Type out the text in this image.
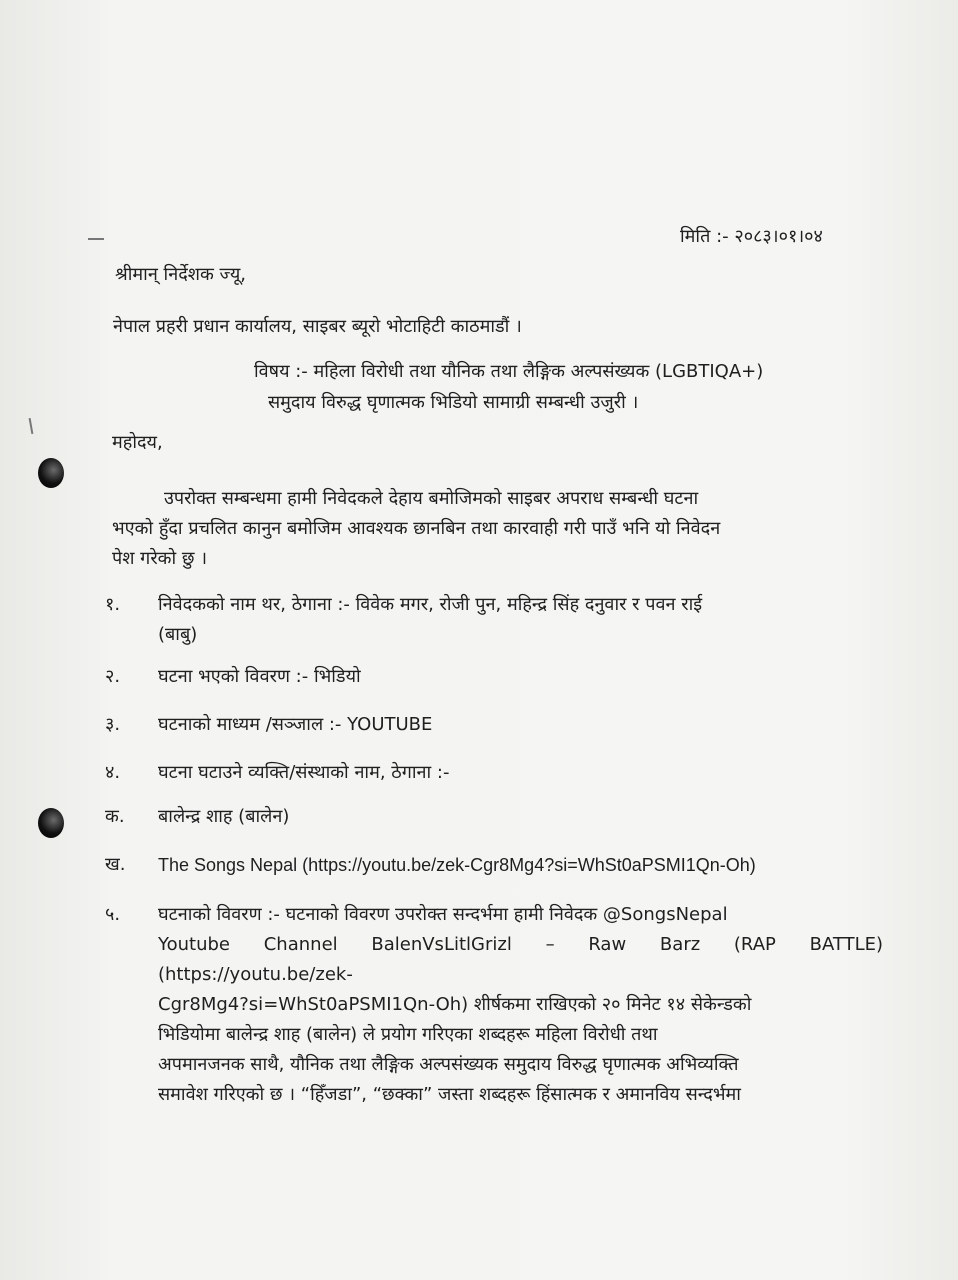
मिति :- २०८३।०१।०४
श्रीमान् निर्देशक ज्यू,
नेपाल प्रहरी प्रधान कार्यालय, साइबर ब्यूरो भोटाहिटी काठमाडौं ।
विषय :- महिला विरोधी तथा यौनिक तथा लैङ्गिक अल्पसंख्यक (LGBTIQA+)
समुदाय विरुद्ध घृणात्मक भिडियो सामाग्री सम्बन्धी उजुरी ।
महोदय,
उपरोक्त सम्बन्धमा हामी निवेदकले देहाय बमोजिमको साइबर अपराध सम्बन्धी घटना
भएको हुँदा प्रचलित कानुन बमोजिम आवश्यक छानबिन तथा कारवाही गरी पाउँ भनि यो निवेदन
पेश गरेको छु ।
१.	निवेदकको नाम थर, ठेगाना :- विवेक मगर, रोजी पुन, महिन्द्र सिंह दनुवार र पवन राई
(बाबु)
२.	घटना भएको विवरण :- भिडियो
३.	घटनाको माध्यम /सञ्जाल :- YOUTUBE
४.	घटना घटाउने व्यक्ति/संस्थाको नाम, ठेगाना :-
क.	बालेन्द्र शाह (बालेन)
ख.	The Songs Nepal (https://youtu.be/zek-Cgr8Mg4?si=WhSt0aPSMI1Qn-Oh)
५.	घटनाको विवरण :- घटनाको विवरण उपरोक्त सन्दर्भमा हामी निवेदक @SongsNepal
Youtube Channel BalenVsLitlGrizl – Raw Barz (RAP BATTLE) (https://youtu.be/zek-
Cgr8Mg4?si=WhSt0aPSMI1Qn-Oh) शीर्षकमा राखिएको २० मिनेट १४ सेकेन्डको
भिडियोमा बालेन्द्र शाह (बालेन) ले प्रयोग गरिएका शब्दहरू महिला विरोधी तथा
अपमानजनक साथै, यौनिक तथा लैङ्गिक अल्पसंख्यक समुदाय विरुद्ध घृणात्मक अभिव्यक्ति
समावेश गरिएको छ । “हिँजडा”, “छक्का” जस्ता शब्दहरू हिंसात्मक र अमानविय सन्दर्भमा
